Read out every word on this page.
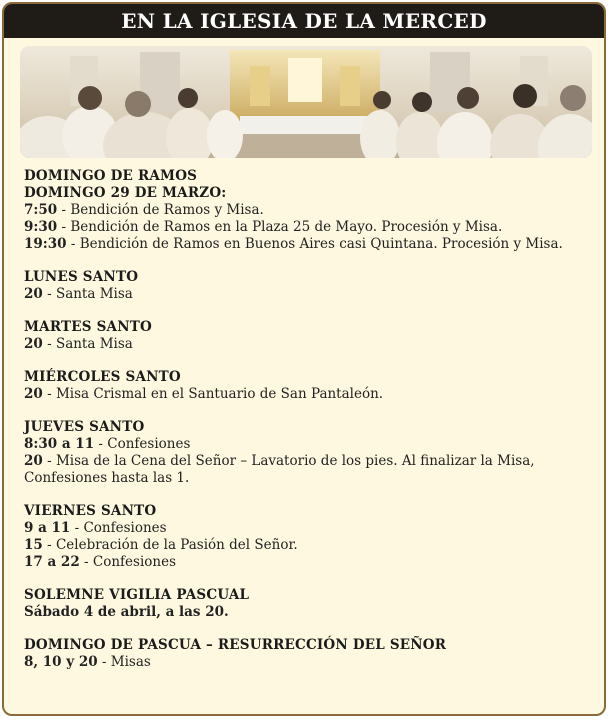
EN LA IGLESIA DE LA MERCED
DOMINGO DE RAMOS
DOMINGO 29 DE MARZO:
7:50 - Bendición de Ramos y Misa.
9:30 - Bendición de Ramos en la Plaza 25 de Mayo. Procesión y Misa.
19:30 - Bendición de Ramos en Buenos Aires casi Quintana. Procesión y Misa.
LUNES SANTO
20 - Santa Misa
MARTES SANTO
20 - Santa Misa
MIÉRCOLES SANTO
20 - Misa Crismal en el Santuario de San Pantaleón.
JUEVES SANTO
8:30 a 11 - Confesiones
20 - Misa de la Cena del Señor – Lavatorio de los pies. Al finalizar la Misa, Confesiones hasta las 1.
VIERNES SANTO
9 a 11 - Confesiones
15 - Celebración de la Pasión del Señor.
17 a 22 - Confesiones
SOLEMNE VIGILIA PASCUAL
Sábado 4 de abril, a las 20.
DOMINGO DE PASCUA – RESURRECCIÓN DEL SEÑOR
8, 10 y 20 - Misas
